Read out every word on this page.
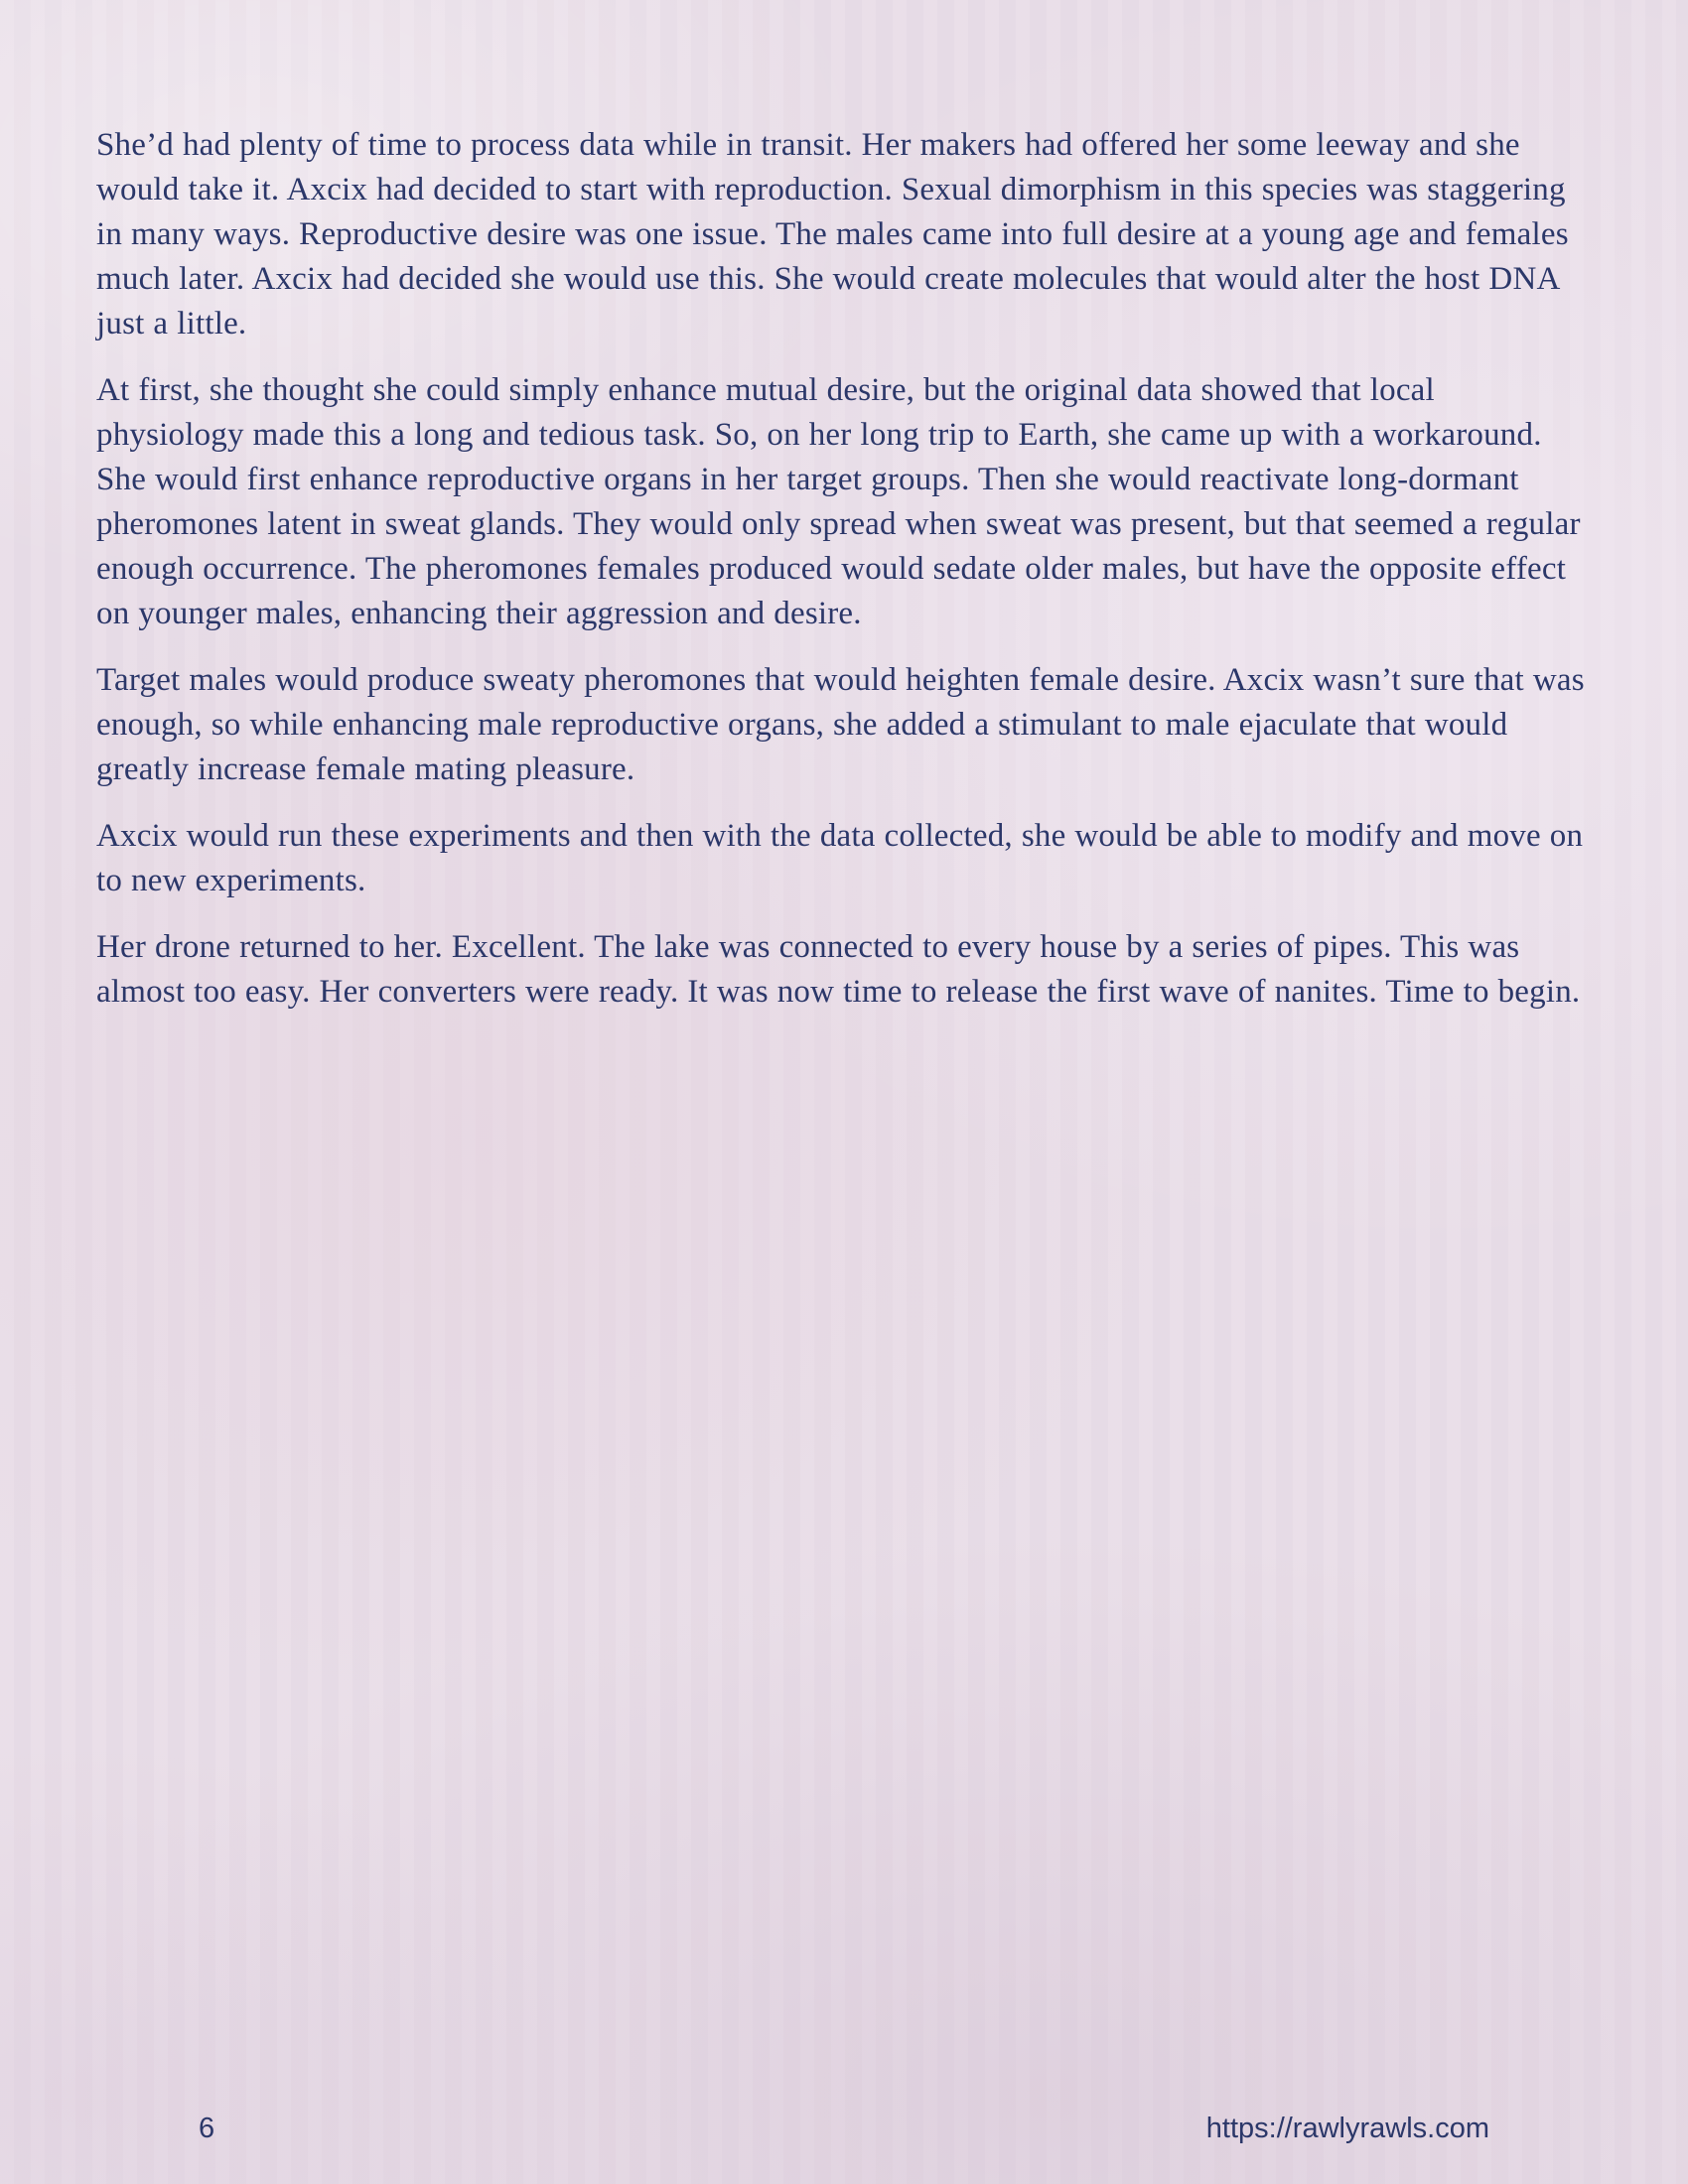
She’d had plenty of time to process data while in transit. Her makers had offered her some leeway and she would take it. Axcix had decided to start with reproduction. Sexual dimorphism in this species was staggering in many ways. Reproductive desire was one issue. The males came into full desire at a young age and females much later. Axcix had decided she would use this. She would create molecules that would alter the host DNA just a little.

At first, she thought she could simply enhance mutual desire, but the original data showed that local physiology made this a long and tedious task. So, on her long trip to Earth, she came up with a workaround. She would first enhance reproductive organs in her target groups. Then she would reactivate long-dormant pheromones latent in sweat glands. They would only spread when sweat was present, but that seemed a regular enough occurrence. The pheromones females produced would sedate older males, but have the opposite effect on younger males, enhancing their aggression and desire.

Target males would produce sweaty pheromones that would heighten female desire. Axcix wasn’t sure that was enough, so while enhancing male reproductive organs, she added a stimulant to male ejaculate that would greatly increase female mating pleasure.

Axcix would run these experiments and then with the data collected, she would be able to modify and move on to new experiments.

Her drone returned to her. Excellent. The lake was connected to every house by a series of pipes. This was almost too easy. Her converters were ready. It was now time to release the first wave of nanites. Time to begin.

6	https://rawlyrawls.com
